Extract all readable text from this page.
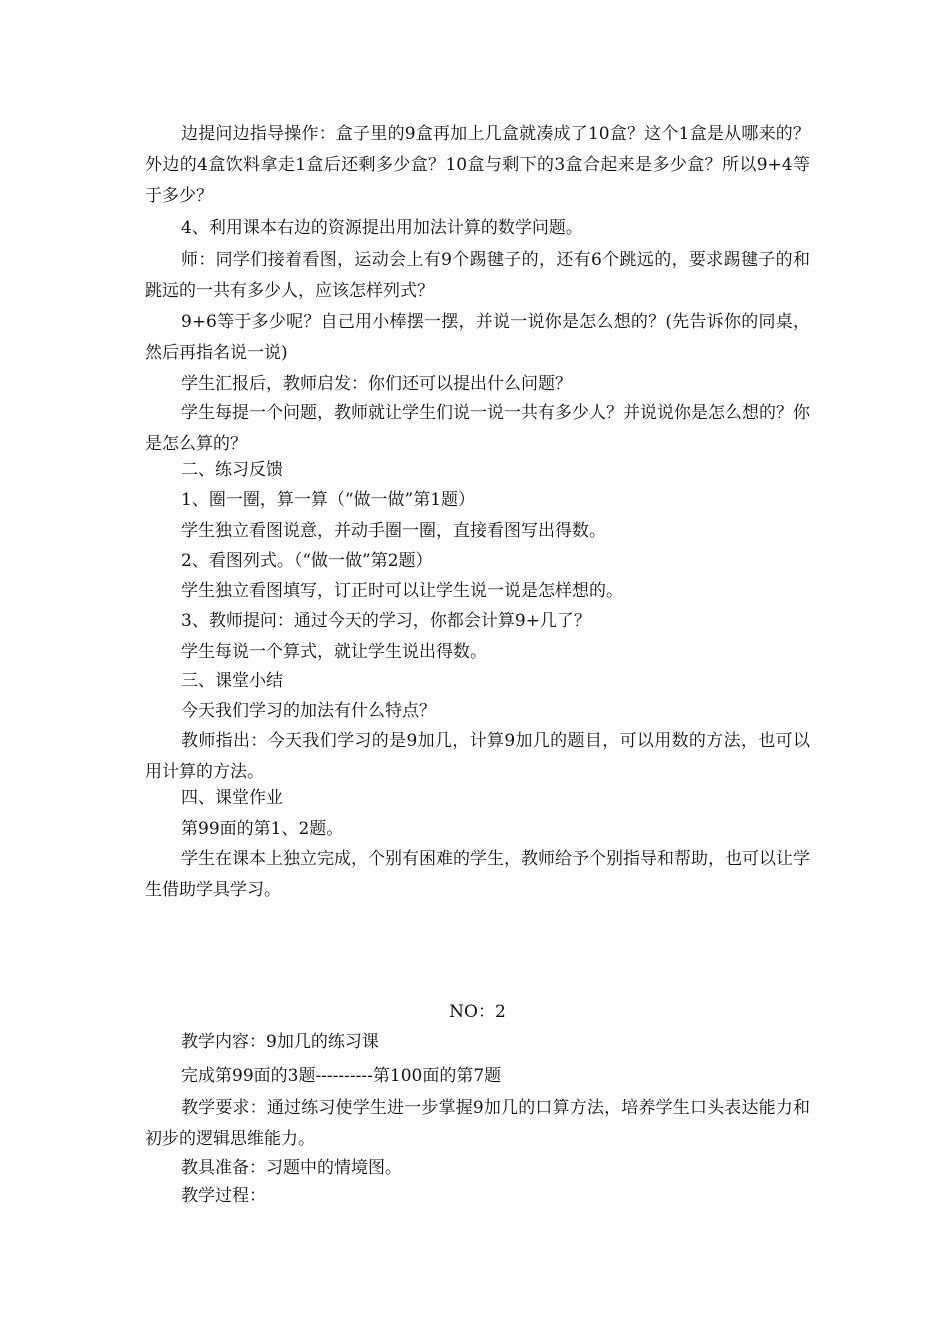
边提问边指导操作：盒子里的9盒再加上几盒就凑成了10盒？这个1盒是从哪来的？外边的4盒饮料拿走1盒后还剩多少盒？10盒与剩下的3盒合起来是多少盒？所以9+4等于多少？

4、利用课本右边的资源提出用加法计算的数学问题。

师：同学们接着看图，运动会上有9个踢毽子的，还有6个跳远的，要求踢毽子的和跳远的一共有多少人，应该怎样列式？

9+6等于多少呢？自己用小棒摆一摆，并说一说你是怎么想的？(先告诉你的同桌，然后再指名说一说)

学生汇报后，教师启发：你们还可以提出什么问题？

学生每提一个问题，教师就让学生们说一说一共有多少人？并说说你是怎么想的？你是怎么算的？

二、练习反馈

1、圈一圈，算一算（“做一做”第1题）

学生独立看图说意，并动手圈一圈，直接看图写出得数。

2、看图列式。（“做一做”第2题）

学生独立看图填写，订正时可以让学生说一说是怎样想的。

3、教师提问：通过今天的学习，你都会计算9+几了？

学生每说一个算式，就让学生说出得数。

三、课堂小结

今天我们学习的加法有什么特点？

教师指出：今天我们学习的是9加几，计算9加几的题目，可以用数的方法，也可以用计算的方法。

四、课堂作业

第99面的第1、2题。

学生在课本上独立完成，个别有困难的学生，教师给予个别指导和帮助，也可以让学生借助学具学习。

NO：2

教学内容：9加几的练习课

完成第99面的3题----------第100面的第7题

教学要求：通过练习使学生进一步掌握9加几的口算方法，培养学生口头表达能力和初步的逻辑思维能力。

教具准备：习题中的情境图。

教学过程：
